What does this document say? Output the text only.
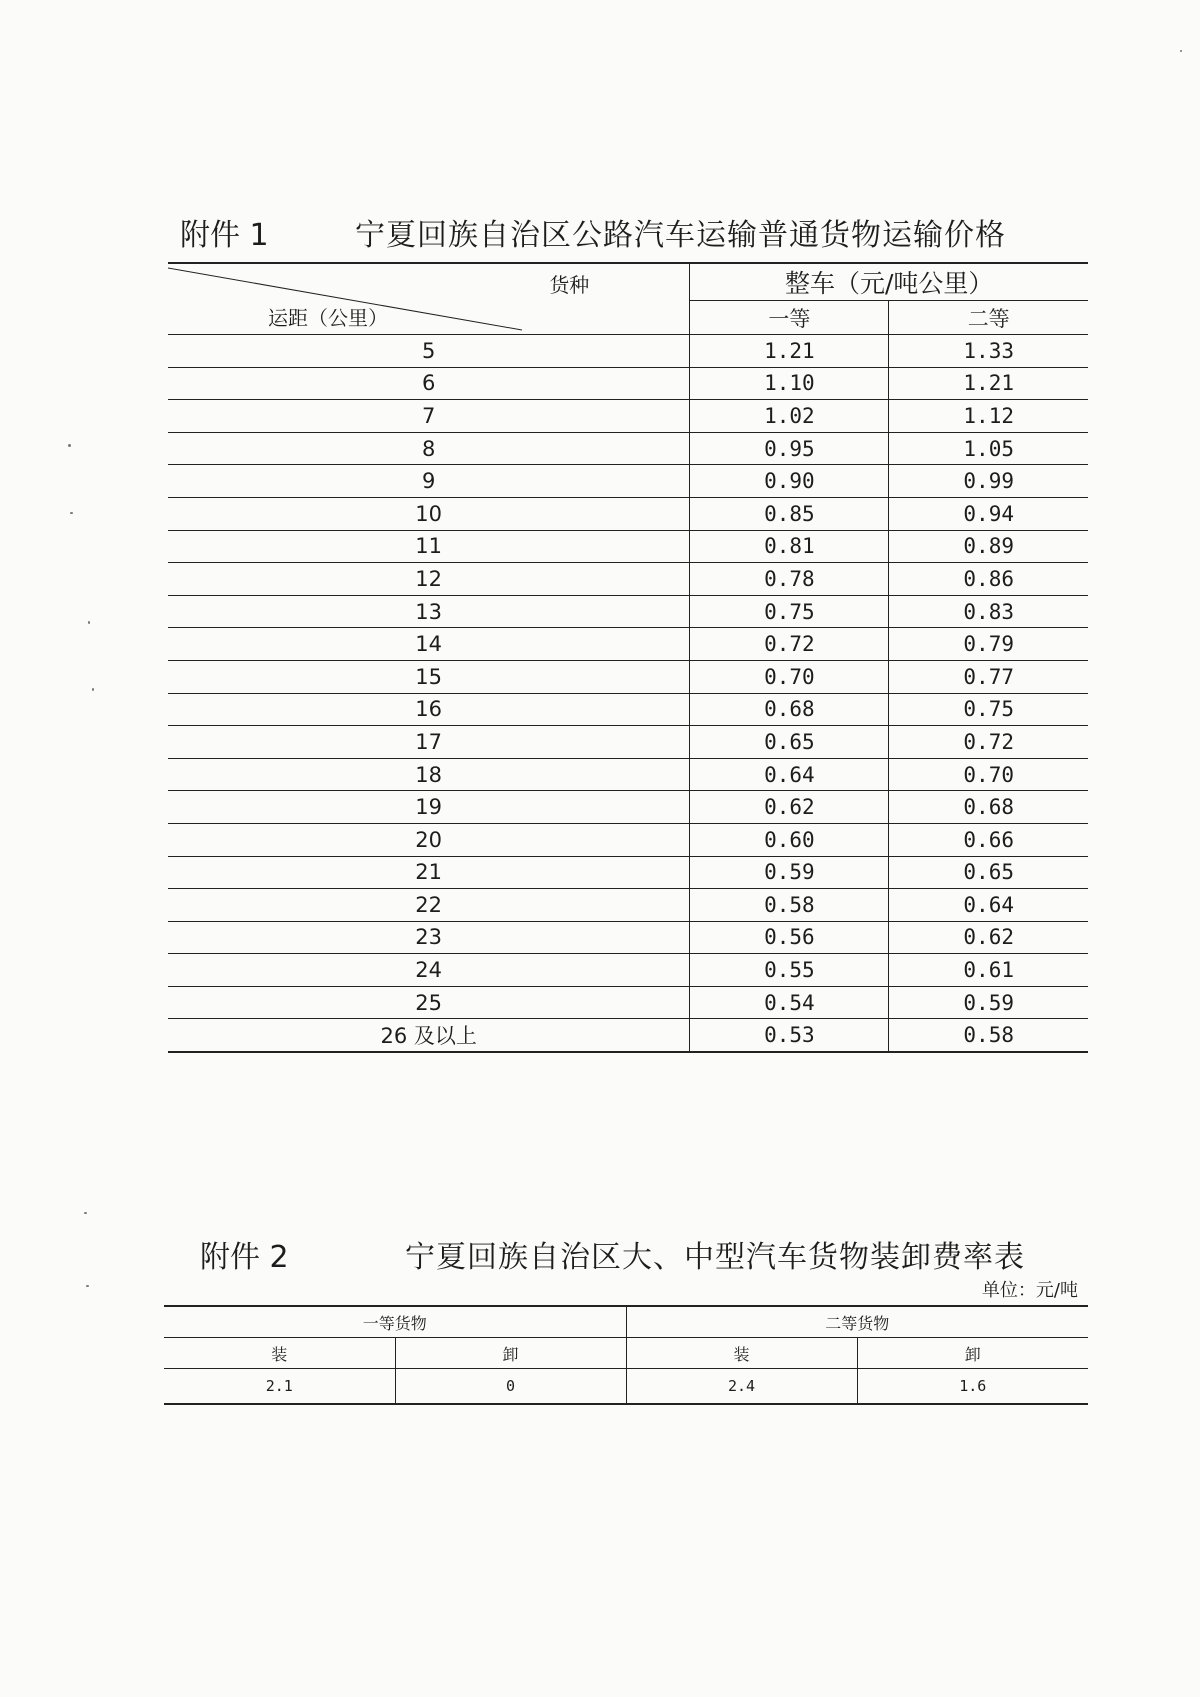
附件 1	宁夏回族自治区公路汽车运输普通货物运输价格
货种
运距（公里）	整车（元/吨公里）	
	一等	二等
5	1.21	1.33
6	1.10	1.21
7	1.02	1.12
8	0.95	1.05
9	0.90	0.99
10	0.85	0.94
11	0.81	0.89
12	0.78	0.86
13	0.75	0.83
14	0.72	0.79
15	0.70	0.77
16	0.68	0.75
17	0.65	0.72
18	0.64	0.70
19	0.62	0.68
20	0.60	0.66
21	0.59	0.65
22	0.58	0.64
23	0.56	0.62
24	0.55	0.61
25	0.54	0.59
26 及以上	0.53	0.58
附件 2	宁夏回族自治区大、中型汽车货物装卸费率表
单位：元/吨
一等货物		二等货物	
装	卸	装	卸
2.1	0	2.4	1.6
